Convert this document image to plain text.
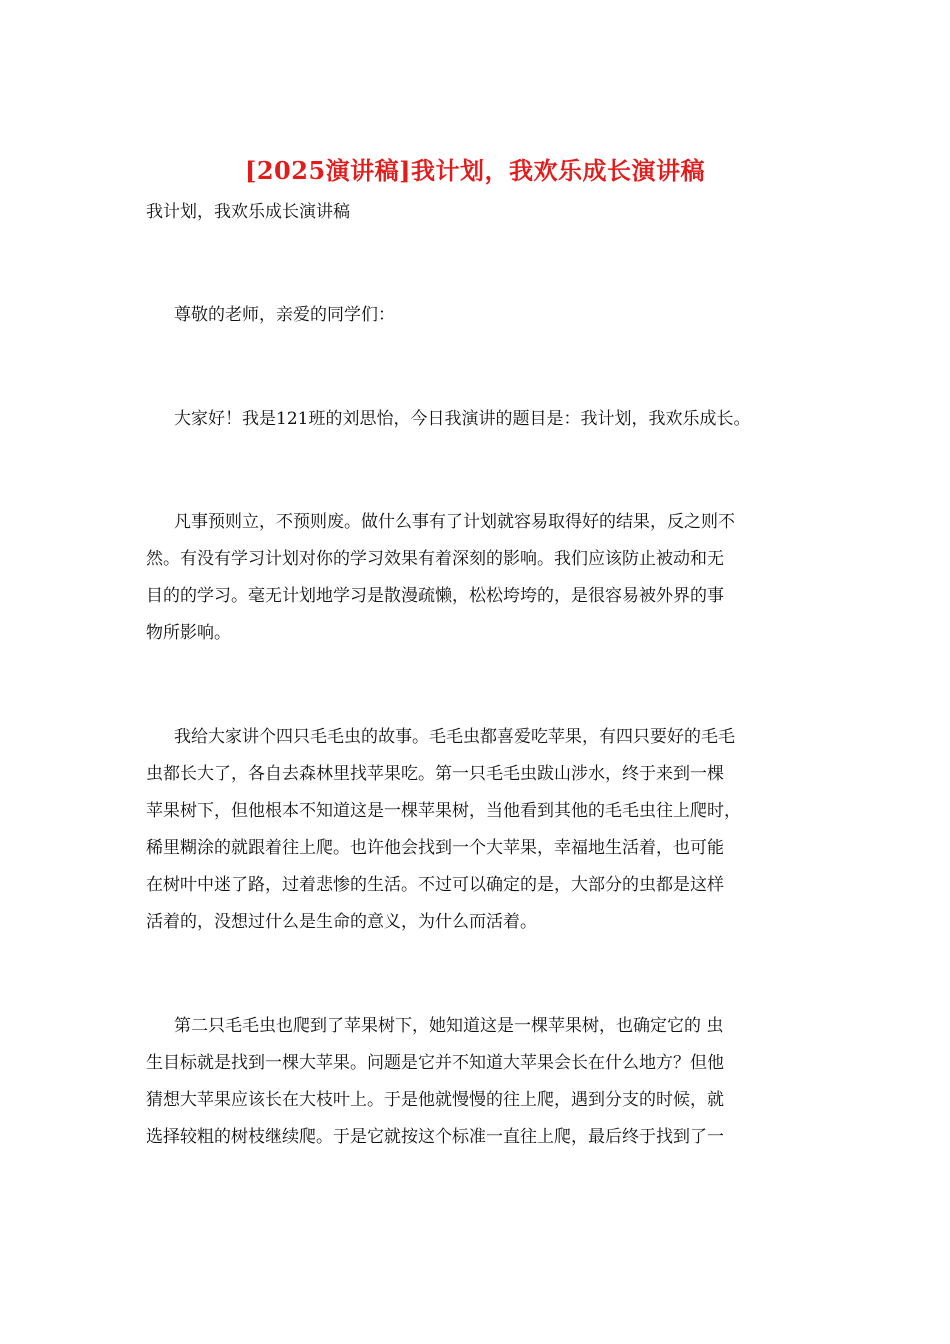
[2025演讲稿]我计划，我欢乐成长演讲稿
我计划，我欢乐成长演讲稿
尊敬的老师，亲爱的同学们：
大家好！我是121班的刘思怡，今日我演讲的题目是：我计划，我欢乐成长。
凡事预则立，不预则废。做什么事有了计划就容易取得好的结果，反之则不
然。有没有学习计划对你的学习效果有着深刻的影响。我们应该防止被动和无
目的的学习。毫无计划地学习是散漫疏懒，松松垮垮的，是很容易被外界的事
物所影响。
我给大家讲个四只毛毛虫的故事。毛毛虫都喜爱吃苹果，有四只要好的毛毛
虫都长大了，各自去森林里找苹果吃。第一只毛毛虫跋山涉水，终于来到一棵
苹果树下，但他根本不知道这是一棵苹果树，当他看到其他的毛毛虫往上爬时，
稀里糊涂的就跟着往上爬。也许他会找到一个大苹果，幸福地生活着，也可能
在树叶中迷了路，过着悲惨的生活。不过可以确定的是，大部分的虫都是这样
活着的，没想过什么是生命的意义，为什么而活着。
第二只毛毛虫也爬到了苹果树下，她知道这是一棵苹果树，也确定它的 虫
生目标就是找到一棵大苹果。问题是它并不知道大苹果会长在什么地方？但他
猜想大苹果应该长在大枝叶上。于是他就慢慢的往上爬，遇到分支的时候，就
选择较粗的树枝继续爬。于是它就按这个标准一直往上爬，最后终于找到了一
